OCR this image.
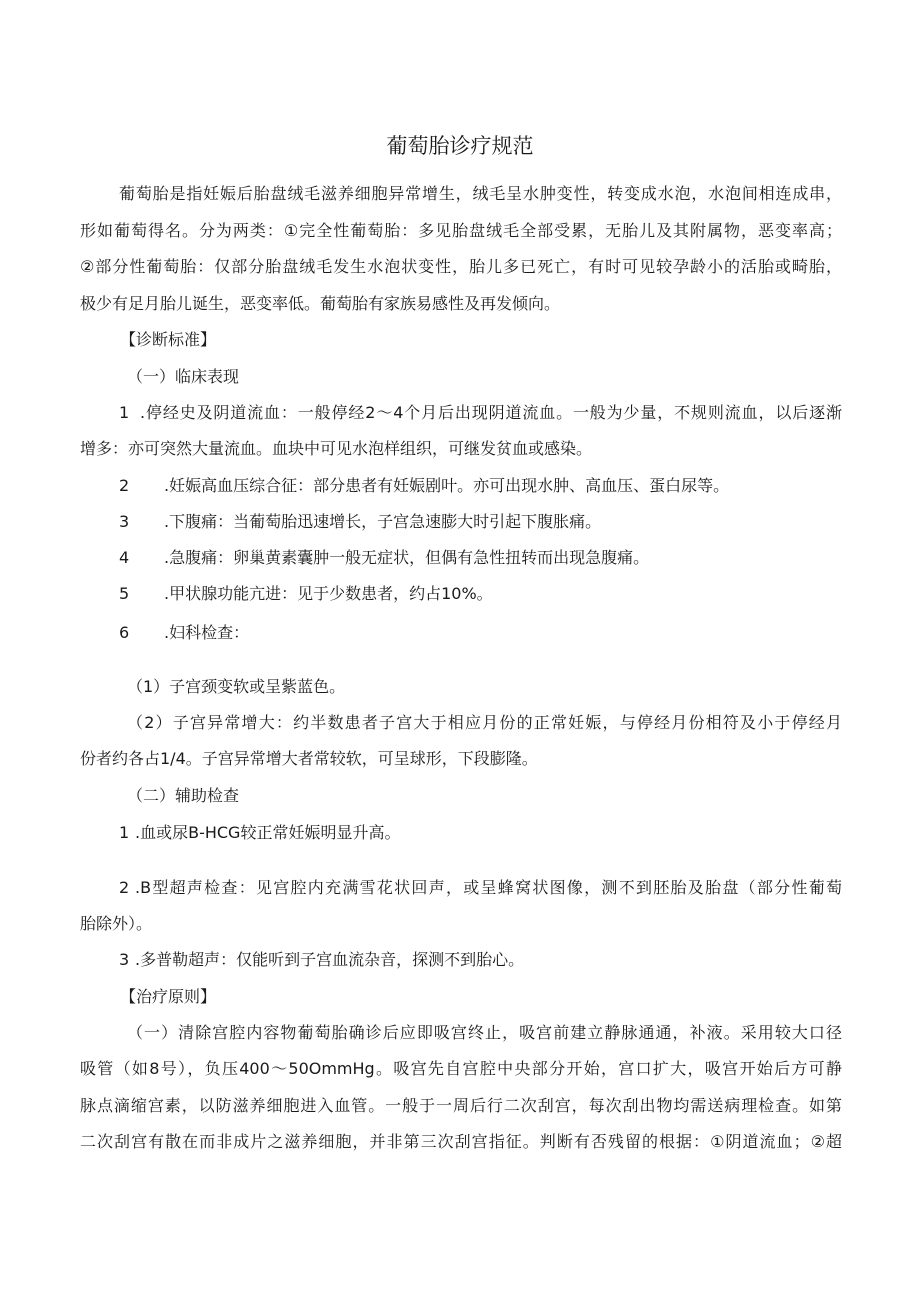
葡萄胎诊疗规范

葡萄胎是指妊娠后胎盘绒毛滋养细胞异常增生，绒毛呈水肿变性，转变成水泡，水泡间相连成串，

形如葡萄得名。分为两类：①完全性葡萄胎：多见胎盘绒毛全部受累，无胎儿及其附属物，恶变率高；

②部分性葡萄胎：仅部分胎盘绒毛发生水泡状变性，胎儿多已死亡，有时可见较孕龄小的活胎或畸胎，

极少有足月胎儿诞生，恶变率低。葡萄胎有家族易感性及再发倾向。

【诊断标准】

（一）临床表现

1 .停经史及阴道流血：一般停经2～4个月后出现阴道流血。一般为少量，不规则流血，以后逐渐

增多：亦可突然大量流血。血块中可见水泡样组织，可继发贫血或感染。

2 .妊娠高血压综合征：部分患者有妊娠剧叶。亦可出现水肿、高血压、蛋白尿等。

3 .下腹痛：当葡萄胎迅速增长，子宫急速膨大时引起下腹胀痛。

4 .急腹痛：卵巢黄素囊肿一般无症状，但偶有急性扭转而出现急腹痛。

5 .甲状腺功能亢进：见于少数患者，约占10%。

6 .妇科检查：

（1）子宫颈变软或呈紫蓝色。

（2）子宫异常增大：约半数患者子宫大于相应月份的正常妊娠，与停经月份相符及小于停经月

份者约各占1/4。子宫异常增大者常较软，可呈球形，下段膨隆。

（二）辅助检查

1 .血或尿B-HCG较正常妊娠明显升高。

2 .B型超声检查：见宫腔内充满雪花状回声，或呈蜂窝状图像，测不到胚胎及胎盘（部分性葡萄

胎除外）。

3 .多普勒超声：仅能听到子宫血流杂音，探测不到胎心。

【治疗原则】

（一）清除宫腔内容物葡萄胎确诊后应即吸宫终止，吸宫前建立静脉通通，补液。采用较大口径

吸管（如8号），负压400～50OmmHg。吸宫先自宫腔中央部分开始，宫口扩大，吸宫开始后方可静

脉点滴缩宫素，以防滋养细胞进入血管。一般于一周后行二次刮宫，每次刮出物均需送病理检查。如第

二次刮宫有散在而非成片之滋养细胞，并非第三次刮宫指征。判断有否残留的根据：①阴道流血；②超
